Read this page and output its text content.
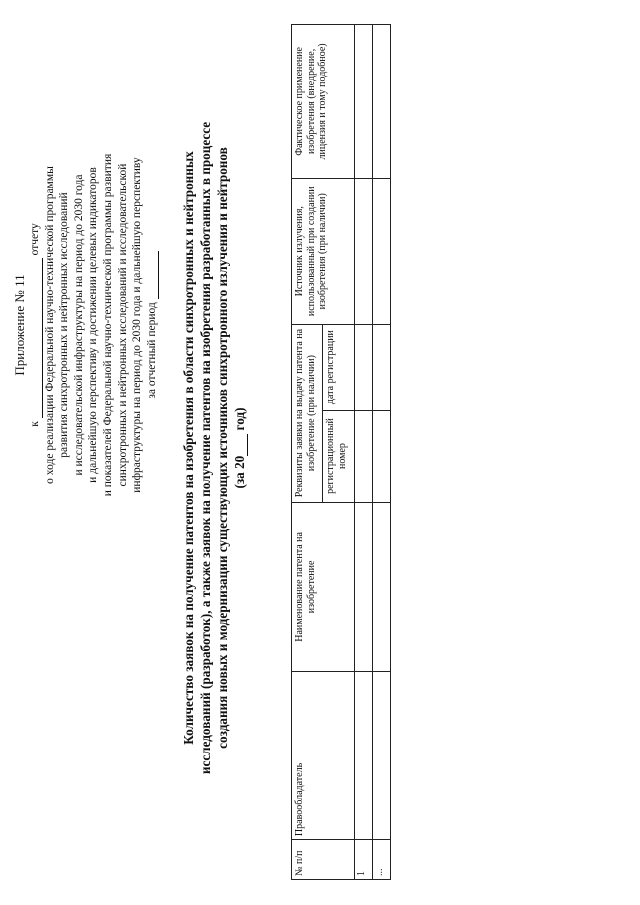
Приложение № 11
к  отчету о ходе реализации Федеральной научно-технической программы развития синхротронных и нейтронных исследований и исследовательской инфраструктуры на период до 2030 года и дальнейшую перспективу и достижении целевых индикаторов и показателей Федеральной научно-технической программы развития синхротронных и нейтронных исследований и исследовательской инфраструктуры на период до 2030 года и дальнейшую перспективу за отчетный период Количество заявок на получение патентов на изобретения в области синхротронных и нейтронных исследований (разработок), а также заявок на получение патентов на изобретения разработанных в процессе создания новых и модернизации существующих источников синхротронного излучения и нейтронов (за 20 год)
№ п/п	Правообладатель	Наименование патента на изобретение	Реквизиты заявки на выдачу патента на изобретение (при наличии)		Источник излучения, использованный при создании изобретения (при наличии)	Фактическое применение изобретения (внедрение, лицензия и тому подобное)
			регистрационный номер	дата регистрации		
1						
...						
